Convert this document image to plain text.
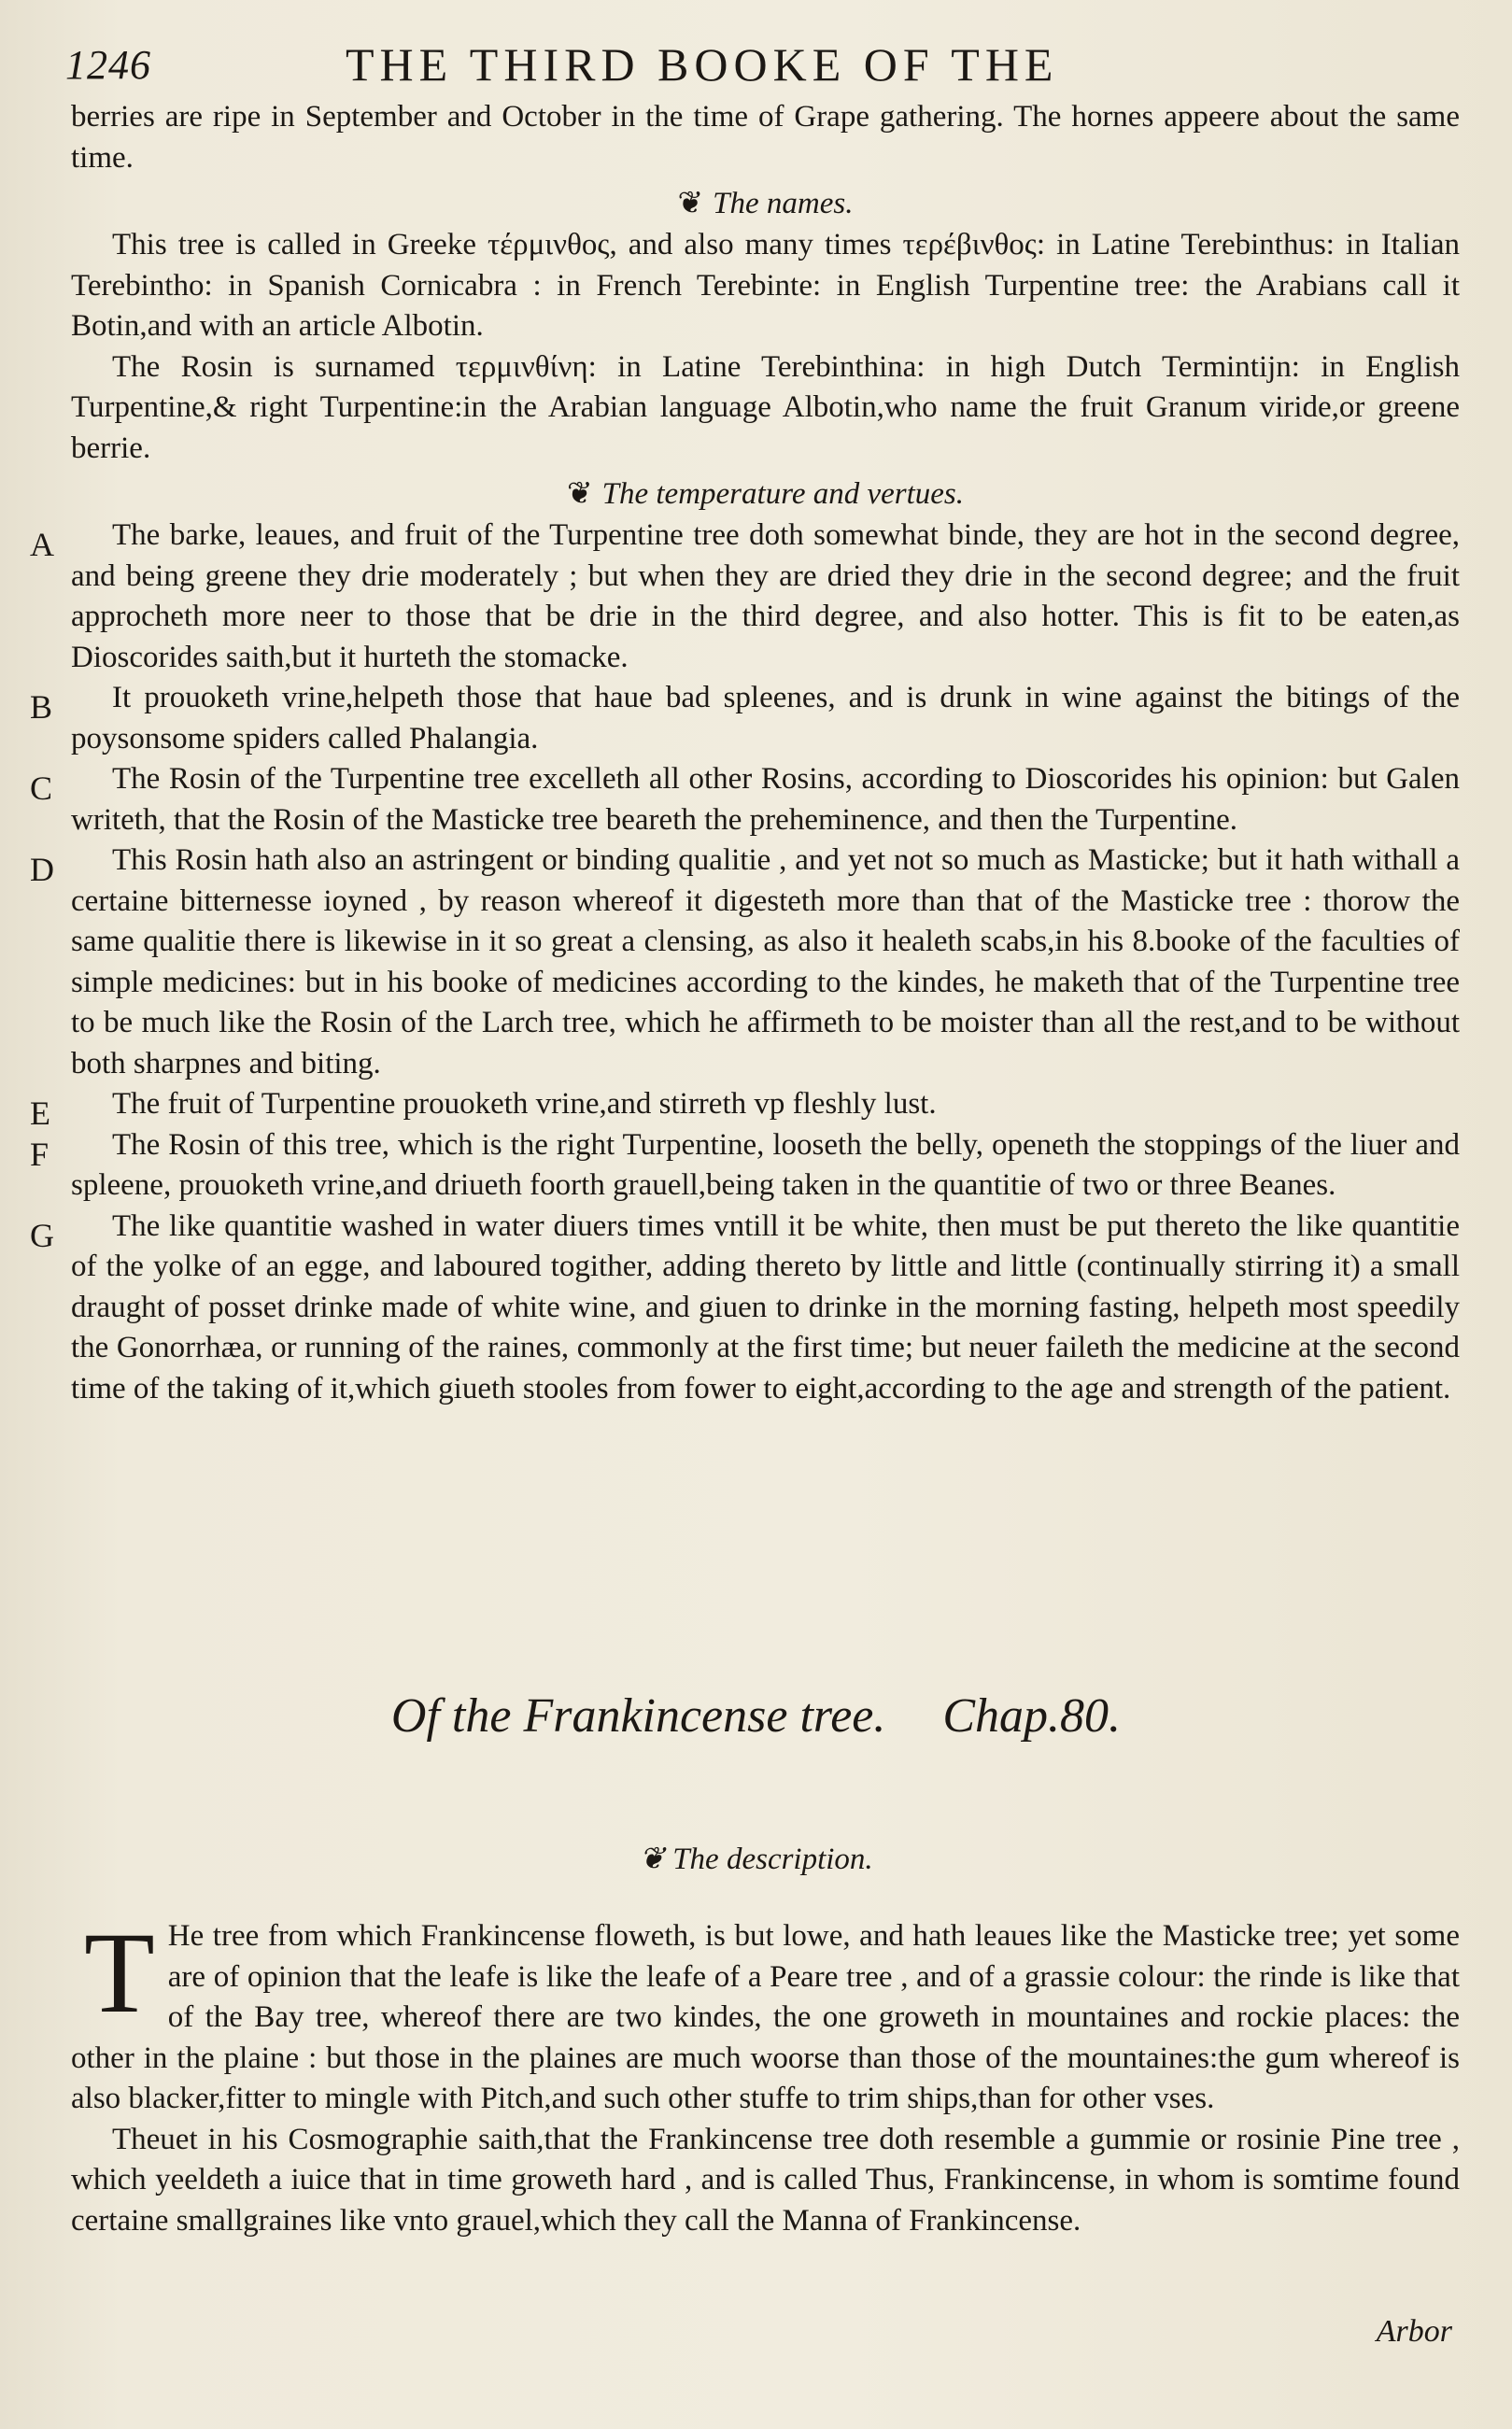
1246	THE THIRD BOOKE OF THE

berries are ripe in September and October in the time of Grape gathering. The hornes appeere about the same time.

❦ The names.

This tree is called in Greeke τέρμινθος, and also many times τερέβινθος: in Latine Terebinthus: in Italian Terebintho: in Spanish Cornicabra : in French Terebinte: in English Turpentine tree: the Arabians call it Botin,and with an article Albotin.

The Rosin is surnamed τερμινθίνη: in Latine Terebinthina: in high Dutch Termintijn: in English Turpentine,& right Turpentine:in the Arabian language Albotin,who name the fruit Granum viride,or greene berrie.

❦ The temperature and vertues.

A	The barke, leaues, and fruit of the Turpentine tree doth somewhat binde, they are hot in the second degree, and being greene they drie moderately ; but when they are dried they drie in the second degree; and the fruit approcheth more neer to those that be drie in the third degree, and also hotter. This is fit to be eaten,as Dioscorides saith,but it hurteth the stomacke.

B	It prouoketh vrine,helpeth those that haue bad spleenes, and is drunk in wine against the bitings of the poysonsome spiders called Phalangia.

C	The Rosin of the Turpentine tree excelleth all other Rosins, according to Dioscorides his opinion: but Galen writeth, that the Rosin of the Masticke tree beareth the preheminence, and then the Turpentine.

D	This Rosin hath also an astringent or binding qualitie , and yet not so much as Masticke; but it hath withall a certaine bitternesse ioyned , by reason whereof it digesteth more than that of the Masticke tree : thorow the same qualitie there is likewise in it so great a clensing, as also it healeth scabs,in his 8.booke of the faculties of simple medicines: but in his booke of medicines according to the kindes, he maketh that of the Turpentine tree to be much like the Rosin of the Larch tree, which he affirmeth to be moister than all the rest,and to be without both sharpnes and biting.

E	The fruit of Turpentine prouoketh vrine,and stirreth vp fleshly lust.

F	The Rosin of this tree, which is the right Turpentine, looseth the belly, openeth the stoppings of the liuer and spleene, prouoketh vrine,and driueth foorth grauell,being taken in the quantitie of two or three Beanes.

G	The like quantitie washed in water diuers times vntill it be white, then must be put thereto the like quantitie of the yolke of an egge, and laboured togither, adding thereto by little and little (continually stirring it) a small draught of posset drinke made of white wine, and giuen to drinke in the morning fasting, helpeth most speedily the Gonorrhæa, or running of the raines, commonly at the first time; but neuer faileth the medicine at the second time of the taking of it,which giueth stooles from fower to eight,according to the age and strength of the patient.

Of the Frankincense tree. Chap.80.
❦ The description.
T He tree from which Frankincense floweth, is but lowe, and hath leaues like the Masticke tree; yet some are of opinion that the leafe is like the leafe of a Peare tree , and of a grassie colour: the rinde is like that of the Bay tree, whereof there are two kindes, the one groweth in mountaines and rockie places: the other in the plaine : but those in the plaines are much woorse than those of the mountaines:the gum whereof is also blacker,fitter to mingle with Pitch,and such other stuffe to trim ships,than for other vses.

Theuet in his Cosmographie saith,that the Frankincense tree doth resemble a gummie or rosinie Pine tree , which yeeldeth a iuice that in time groweth hard , and is called Thus, Frankincense, in whom is somtime found certaine smallgraines like vnto grauel,which they call the Manna of Frankincense.

Arbor
